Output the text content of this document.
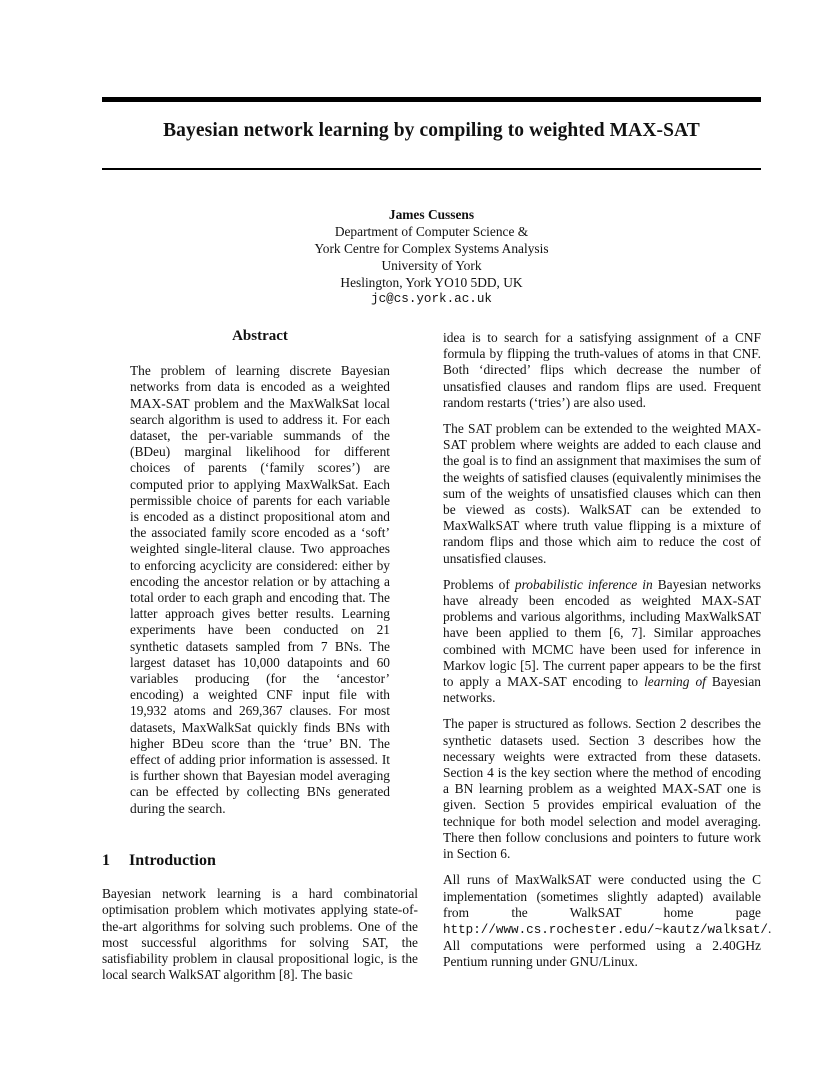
Bayesian network learning by compiling to weighted MAX-SAT
James Cussens
Department of Computer Science &
York Centre for Complex Systems Analysis
University of York
Heslington, York YO10 5DD, UK
jc@cs.york.ac.uk
Abstract

The problem of learning discrete Bayesian networks from data is encoded as a weighted MAX-SAT problem and the MaxWalkSat local search algorithm is used to address it. For each dataset, the per-variable summands of the (BDeu) marginal likelihood for different choices of parents (‘family scores’) are computed prior to applying MaxWalkSat. Each permissible choice of parents for each variable is encoded as a distinct propositional atom and the associated family score encoded as a ‘soft’ weighted single-literal clause. Two approaches to enforcing acyclicity are considered: either by encoding the ancestor relation or by attaching a total order to each graph and encoding that. The latter approach gives better results. Learning experiments have been conducted on 21 synthetic datasets sampled from 7 BNs. The largest dataset has 10,000 datapoints and 60 variables producing (for the ‘ancestor’ encoding) a weighted CNF input file with 19,932 atoms and 269,367 clauses. For most datasets, MaxWalkSat quickly finds BNs with higher BDeu score than the ‘true’ BN. The effect of adding prior information is assessed. It is further shown that Bayesian model averaging can be effected by collecting BNs generated during the search.

1 Introduction

Bayesian network learning is a hard combinatorial optimisation problem which motivates applying state-of-the-art algorithms for solving such problems. One of the most successful algorithms for solving SAT, the satisfiability problem in clausal propositional logic, is the local search WalkSAT algorithm [8]. The basic

idea is to search for a satisfying assignment of a CNF formula by flipping the truth-values of atoms in that CNF. Both ‘directed’ flips which decrease the number of unsatisfied clauses and random flips are used. Frequent random restarts (‘tries’) are also used.

The SAT problem can be extended to the weighted MAX-SAT problem where weights are added to each clause and the goal is to find an assignment that maximises the sum of the weights of satisfied clauses (equivalently minimises the sum of the weights of unsatisfied clauses which can then be viewed as costs). WalkSAT can be extended to MaxWalkSAT where truth value flipping is a mixture of random flips and those which aim to reduce the cost of unsatisfied clauses.

Problems of probabilistic inference in Bayesian networks have already been encoded as weighted MAX-SAT problems and various algorithms, including MaxWalkSAT have been applied to them [6, 7]. Similar approaches combined with MCMC have been used for inference in Markov logic [5]. The current paper appears to be the first to apply a MAX-SAT encoding to learning of Bayesian networks.

The paper is structured as follows. Section 2 describes the synthetic datasets used. Section 3 describes how the necessary weights were extracted from these datasets. Section 4 is the key section where the method of encoding a BN learning problem as a weighted MAX-SAT one is given. Section 5 provides empirical evaluation of the technique for both model selection and model averaging. There then follow conclusions and pointers to future work in Section 6.

All runs of MaxWalkSAT were conducted using the C implementation (sometimes slightly adapted) available from the WalkSAT home page http://www.cs.rochester.edu/~kautz/walksat/. All computations were performed using a 2.40GHz Pentium running under GNU/Linux.
